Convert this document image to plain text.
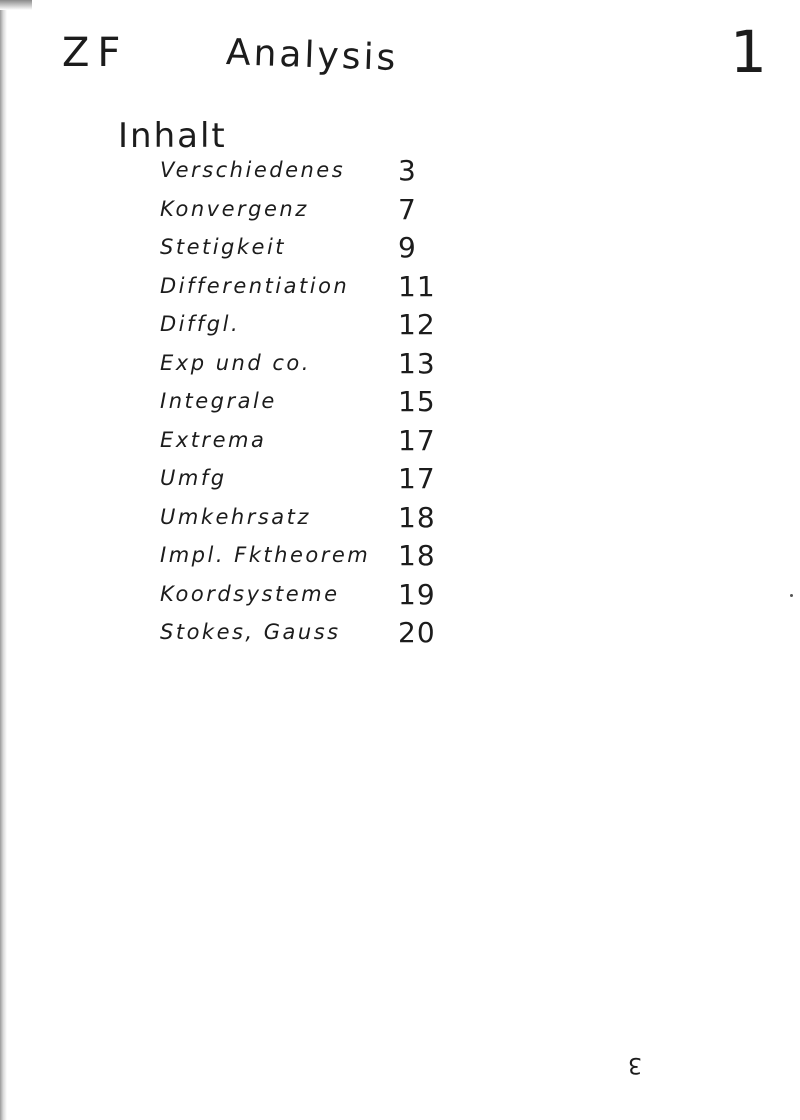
ZF	Analysis	1
Inhalt
Verschiedenes 3
Konvergenz	7
Stetigkeit	9
Differentiation 11
Diffgl.	12
Exp und co.	13
Integrale	15
Extrema	17
Umfg	17
Umkehrsatz	18
Impl. Fktheorem 18
Koordsysteme 19
Stokes, Gauss 20
3
